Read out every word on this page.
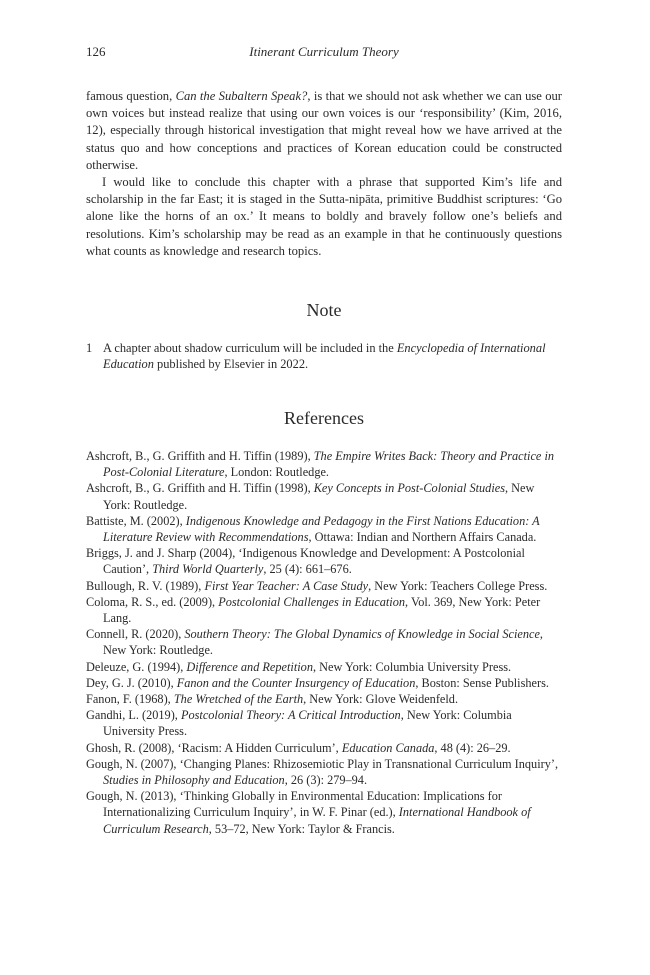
126	Itinerant Curriculum Theory

famous question, Can the Subaltern Speak?, is that we should not ask whether we can use our own voices but instead realize that using our own voices is our ‘responsibility’ (Kim, 2016, 12), especially through historical investigation that might reveal how we have arrived at the status quo and how conceptions and practices of Korean education could be constructed otherwise.

I would like to conclude this chapter with a phrase that supported Kim’s life and scholarship in the far East; it is staged in the Sutta-nipāta, primitive Buddhist scriptures: ‘Go alone like the horns of an ox.’ It means to boldly and bravely follow one’s beliefs and resolutions. Kim’s scholarship may be read as an example in that he continuously questions what counts as knowledge and research topics.

Note
1 A chapter about shadow curriculum will be included in the Encyclopedia of International Education published by Elsevier in 2022.
References
Ashcroft, B., G. Griffith and H. Tiffin (1989), The Empire Writes Back: Theory and Practice in Post-Colonial Literature, London: Routledge.
Ashcroft, B., G. Griffith and H. Tiffin (1998), Key Concepts in Post-Colonial Studies, New York: Routledge.
Battiste, M. (2002), Indigenous Knowledge and Pedagogy in the First Nations Education: A Literature Review with Recommendations, Ottawa: Indian and Northern Affairs Canada.
Briggs, J. and J. Sharp (2004), ‘Indigenous Knowledge and Development: A Postcolonial Caution’, Third World Quarterly, 25 (4): 661–676.
Bullough, R. V. (1989), First Year Teacher: A Case Study, New York: Teachers College Press.
Coloma, R. S., ed. (2009), Postcolonial Challenges in Education, Vol. 369, New York: Peter Lang.
Connell, R. (2020), Southern Theory: The Global Dynamics of Knowledge in Social Science, New York: Routledge.
Deleuze, G. (1994), Difference and Repetition, New York: Columbia University Press.
Dey, G. J. (2010), Fanon and the Counter Insurgency of Education, Boston: Sense Publishers.
Fanon, F. (1968), The Wretched of the Earth, New York: Glove Weidenfeld.
Gandhi, L. (2019), Postcolonial Theory: A Critical Introduction, New York: Columbia University Press.
Ghosh, R. (2008), ‘Racism: A Hidden Curriculum’, Education Canada, 48 (4): 26–29.
Gough, N. (2007), ‘Changing Planes: Rhizosemiotic Play in Transnational Curriculum Inquiry’, Studies in Philosophy and Education, 26 (3): 279–94.
Gough, N. (2013), ‘Thinking Globally in Environmental Education: Implications for Internationalizing Curriculum Inquiry’, in W. F. Pinar (ed.), International Handbook of Curriculum Research, 53–72, New York: Taylor & Francis.
